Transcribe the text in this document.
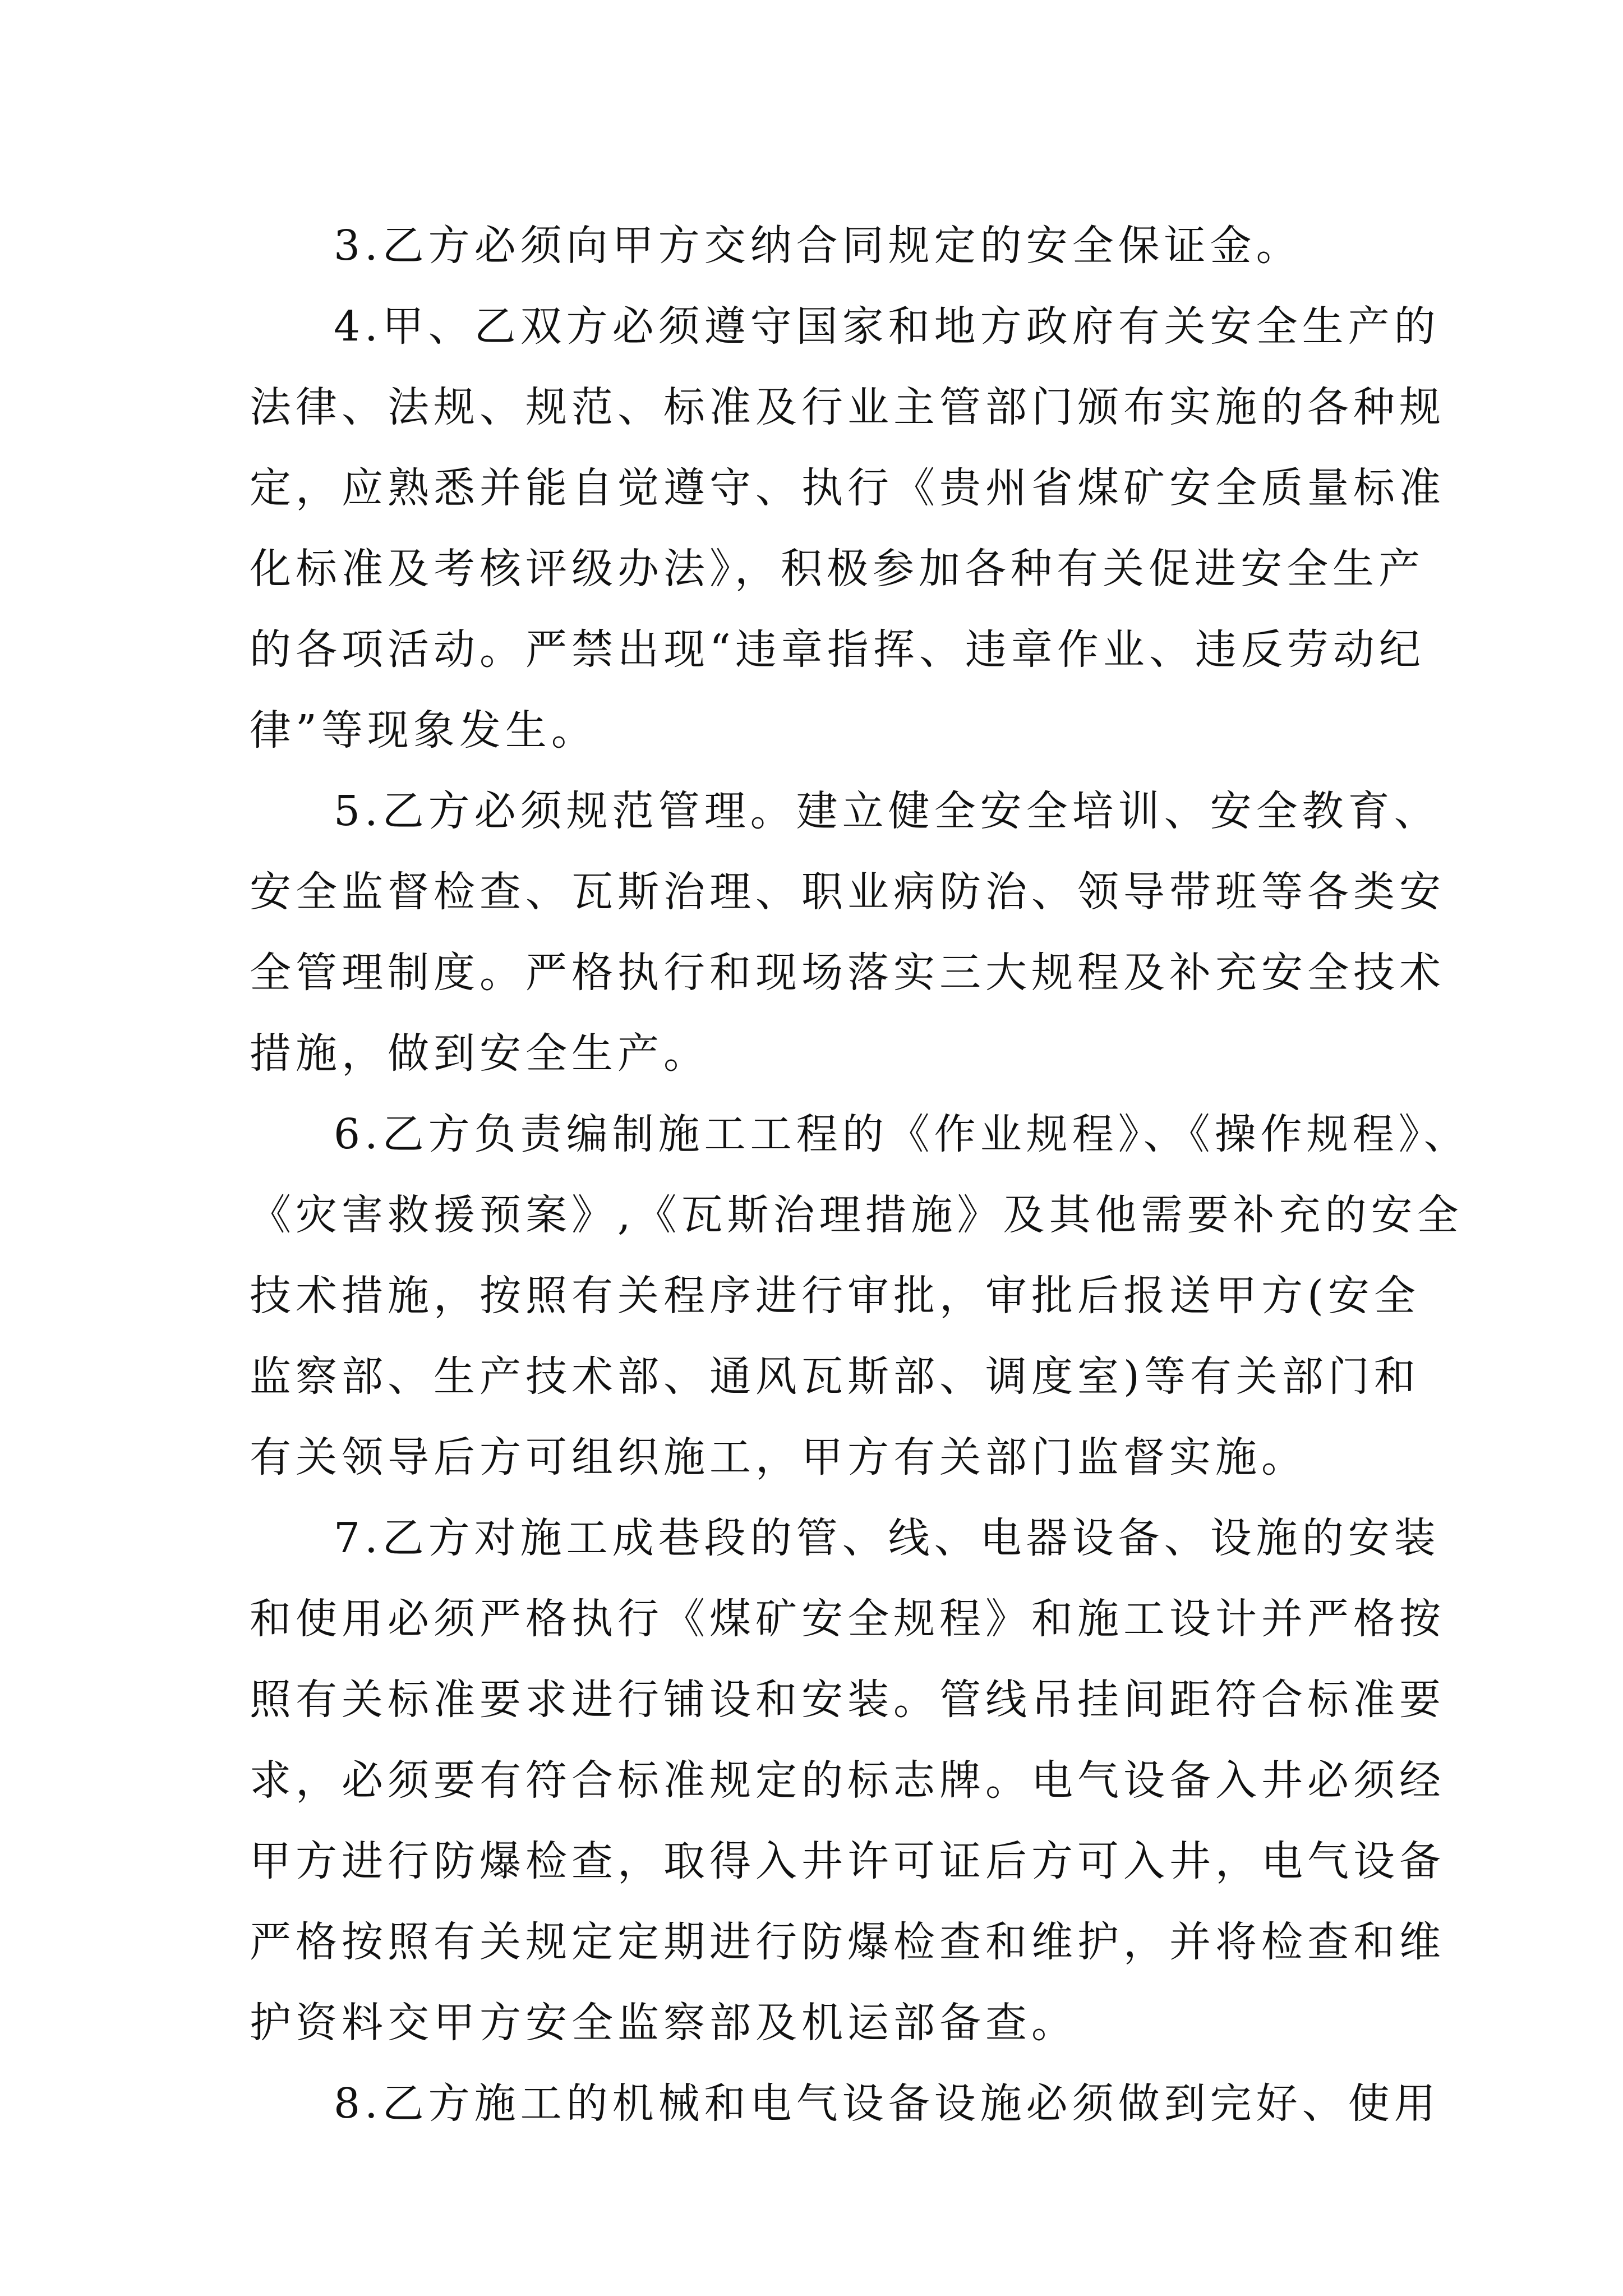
3.乙方必须向甲方交纳合同规定的安全保证金。
4.甲、乙双方必须遵守国家和地方政府有关安全生产的
法律、法规、规范、标准及行业主管部门颁布实施的各种规
定，应熟悉并能自觉遵守、执行《贵州省煤矿安全质量标准
化标准及考核评级办法》，积极参加各种有关促进安全生产
的各项活动。严禁出现“违章指挥、违章作业、违反劳动纪
律”等现象发生。
5.乙方必须规范管理。建立健全安全培训、安全教育、
安全监督检查、瓦斯治理、职业病防治、领导带班等各类安
全管理制度。严格执行和现场落实三大规程及补充安全技术
措施，做到安全生产。
6.乙方负责编制施工工程的《作业规程》、《操作规程》、
《灾害救援预案》,《瓦斯治理措施》及其他需要补充的安全
技术措施，按照有关程序进行审批，审批后报送甲方(安全
监察部、生产技术部、通风瓦斯部、调度室)等有关部门和
有关领导后方可组织施工，甲方有关部门监督实施。
7.乙方对施工成巷段的管、线、电器设备、设施的安装
和使用必须严格执行《煤矿安全规程》和施工设计并严格按
照有关标准要求进行铺设和安装。管线吊挂间距符合标准要
求，必须要有符合标准规定的标志牌。电气设备入井必须经
甲方进行防爆检查，取得入井许可证后方可入井，电气设备
严格按照有关规定定期进行防爆检查和维护，并将检查和维
护资料交甲方安全监察部及机运部备查。
8.乙方施工的机械和电气设备设施必须做到完好、使用
